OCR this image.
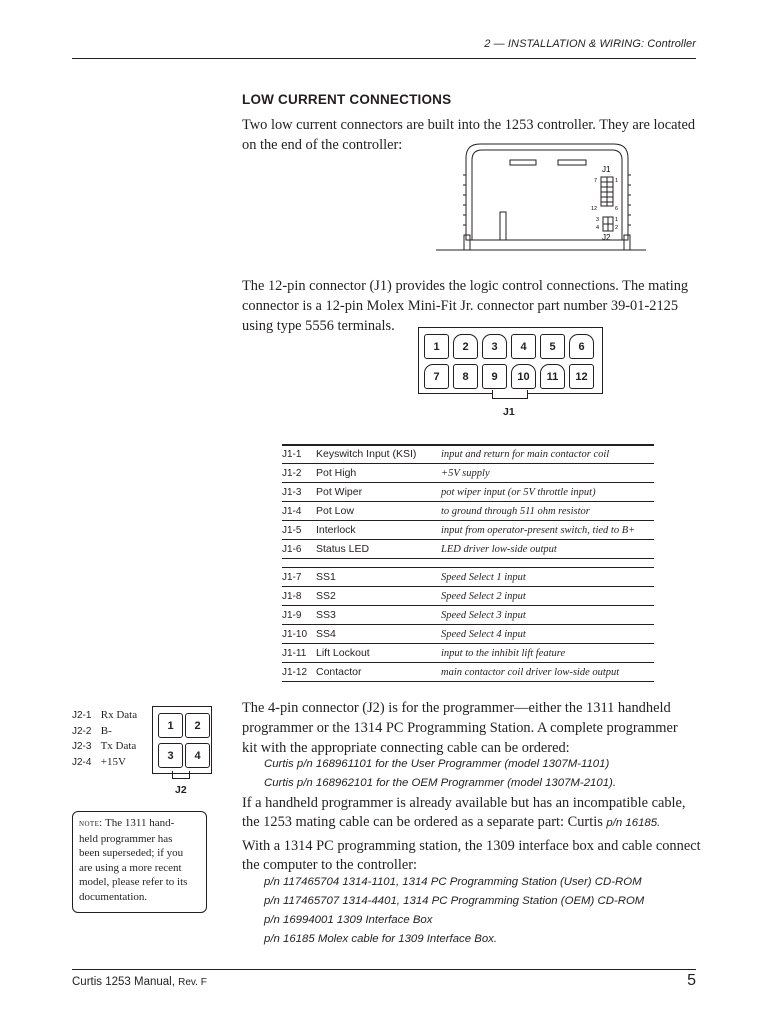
2 — INSTALLATION & WIRING: Controller
LOW CURRENT CONNECTIONS
Two low current connectors are built into the 1253 controller. They are located
on the end of the controller:
J1
J2
7	1
12	6
3	1
4	2
The 12-pin connector (J1) provides the logic control connections. The mating
connector is a 12-pin Molex Mini-Fit Jr. connector part number 39-01-2125
using type 5556 terminals.
1	2	3	4	5	6
7	8	9	10	11	12
J1
J1-1	Keyswitch Input (KSI)	input and return for main contactor coil
J1-2	Pot High	+5V supply
J1-3	Pot Wiper	pot wiper input (or 5V throttle input)
J1-4	Pot Low	to ground through 511 ohm resistor
J1-5	Interlock	input from operator-present switch, tied to B+
J1-6	Status LED	LED driver low-side output
J1-7	SS1	Speed Select 1 input
J1-8	SS2	Speed Select 2 input
J1-9	SS3	Speed Select 3 input
J1-10	SS4	Speed Select 4 input
J1-11	Lift Lockout	input to the inhibit lift feature
J1-12	Contactor	main contactor coil driver low-side output
J2-1 Rx Data
J2-2 B-
J2-3 Tx Data
J2-4 +15V
1	2
3	4
J2
note: The 1311 hand-
held programmer has
been superseded; if you
are using a more recent
model, please refer to its
documentation.
The 4-pin connector (J2) is for the programmer—either the 1311 handheld
programmer or the 1314 PC Programming Station. A complete programmer
kit with the appropriate connecting cable can be ordered:
Curtis p/n 168961101 for the User Programmer (model 1307M-1101)
Curtis p/n 168962101 for the OEM Programmer (model 1307M-2101).
If a handheld programmer is already available but has an incompatible cable,
the 1253 mating cable can be ordered as a separate part: Curtis p/n 16185.
With a 1314 PC programming station, the 1309 interface box and cable connect
the computer to the controller:
p/n 117465704 1314-1101, 1314 PC Programming Station (User) CD-ROM
p/n 117465707 1314-4401, 1314 PC Programming Station (OEM) CD-ROM
p/n 16994001 1309 Interface Box
p/n 16185 Molex cable for 1309 Interface Box.
Curtis 1253 Manual, Rev. F	5
